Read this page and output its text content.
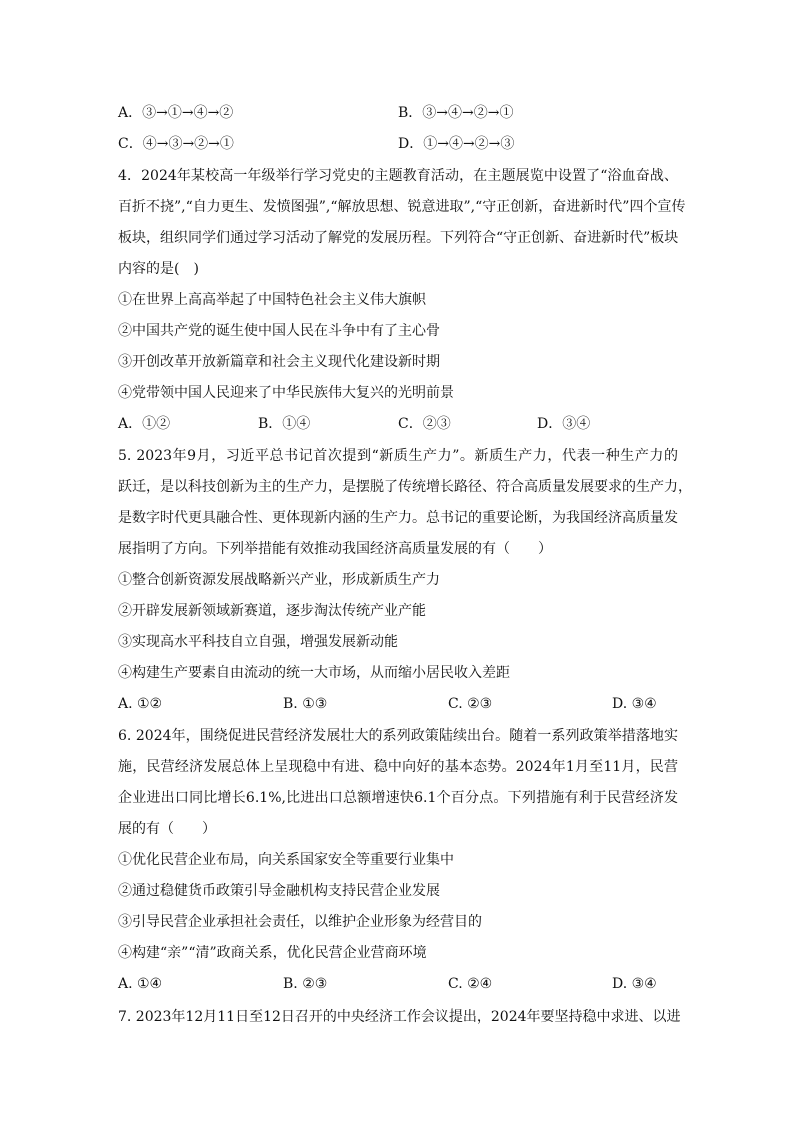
A．③→①→④→②	B．③→④→②→①
C．④→③→②→①	D．①→④→②→③
4．2024年某校高一年级举行学习党史的主题教育活动，在主题展览中设置了“浴血奋战、
百折不挠”,“自力更生、发愤图强”,“解放思想、锐意进取”,“守正创新，奋进新时代”四个宣传
板块，组织同学们通过学习活动了解党的发展历程。下列符合“守正创新、奋进新时代”板块
内容的是(　)
①在世界上高高举起了中国特色社会主义伟大旗帜
②中国共产党的诞生使中国人民在斗争中有了主心骨
③开创改革开放新篇章和社会主义现代化建设新时期
④党带领中国人民迎来了中华民族伟大复兴的光明前景
A．①②	B．①④	C．②③	D．③④
5. 2023年9月，习近平总书记首次提到“新质生产力”。新质生产力，代表一种生产力的
跃迁，是以科技创新为主的生产力，是摆脱了传统增长路径、符合高质量发展要求的生产力，
是数字时代更具融合性、更体现新内涵的生产力。总书记的重要论断，为我国经济高质量发
展指明了方向。下列举措能有效推动我国经济高质量发展的有（　　）
①整合创新资源发展战略新兴产业，形成新质生产力
②开辟发展新领域新赛道，逐步淘汰传统产业产能
③实现高水平科技自立自强，增强发展新动能
④构建生产要素自由流动的统一大市场，从而缩小居民收入差距
A. ①②	B. ①③	C. ②③	D. ③④
6. 2024年，围绕促进民营经济发展壮大的系列政策陆续出台。随着一系列政策举措落地实
施，民营经济发展总体上呈现稳中有进、稳中向好的基本态势。2024年1月至11月，民营
企业进出口同比增长6.1%,比进出口总额增速快6.1个百分点。下列措施有利于民营经济发
展的有（　　）
①优化民营企业布局，向关系国家安全等重要行业集中
②通过稳健货币政策引导金融机构支持民营企业发展
③引导民营企业承担社会责任，以维护企业形象为经营目的
④构建“亲”“清”政商关系，优化民营企业营商环境
A. ①④	B. ②③	C. ②④	D. ③④
7. 2023年12月11日至12日召开的中央经济工作会议提出，2024年要坚持稳中求进、以进
